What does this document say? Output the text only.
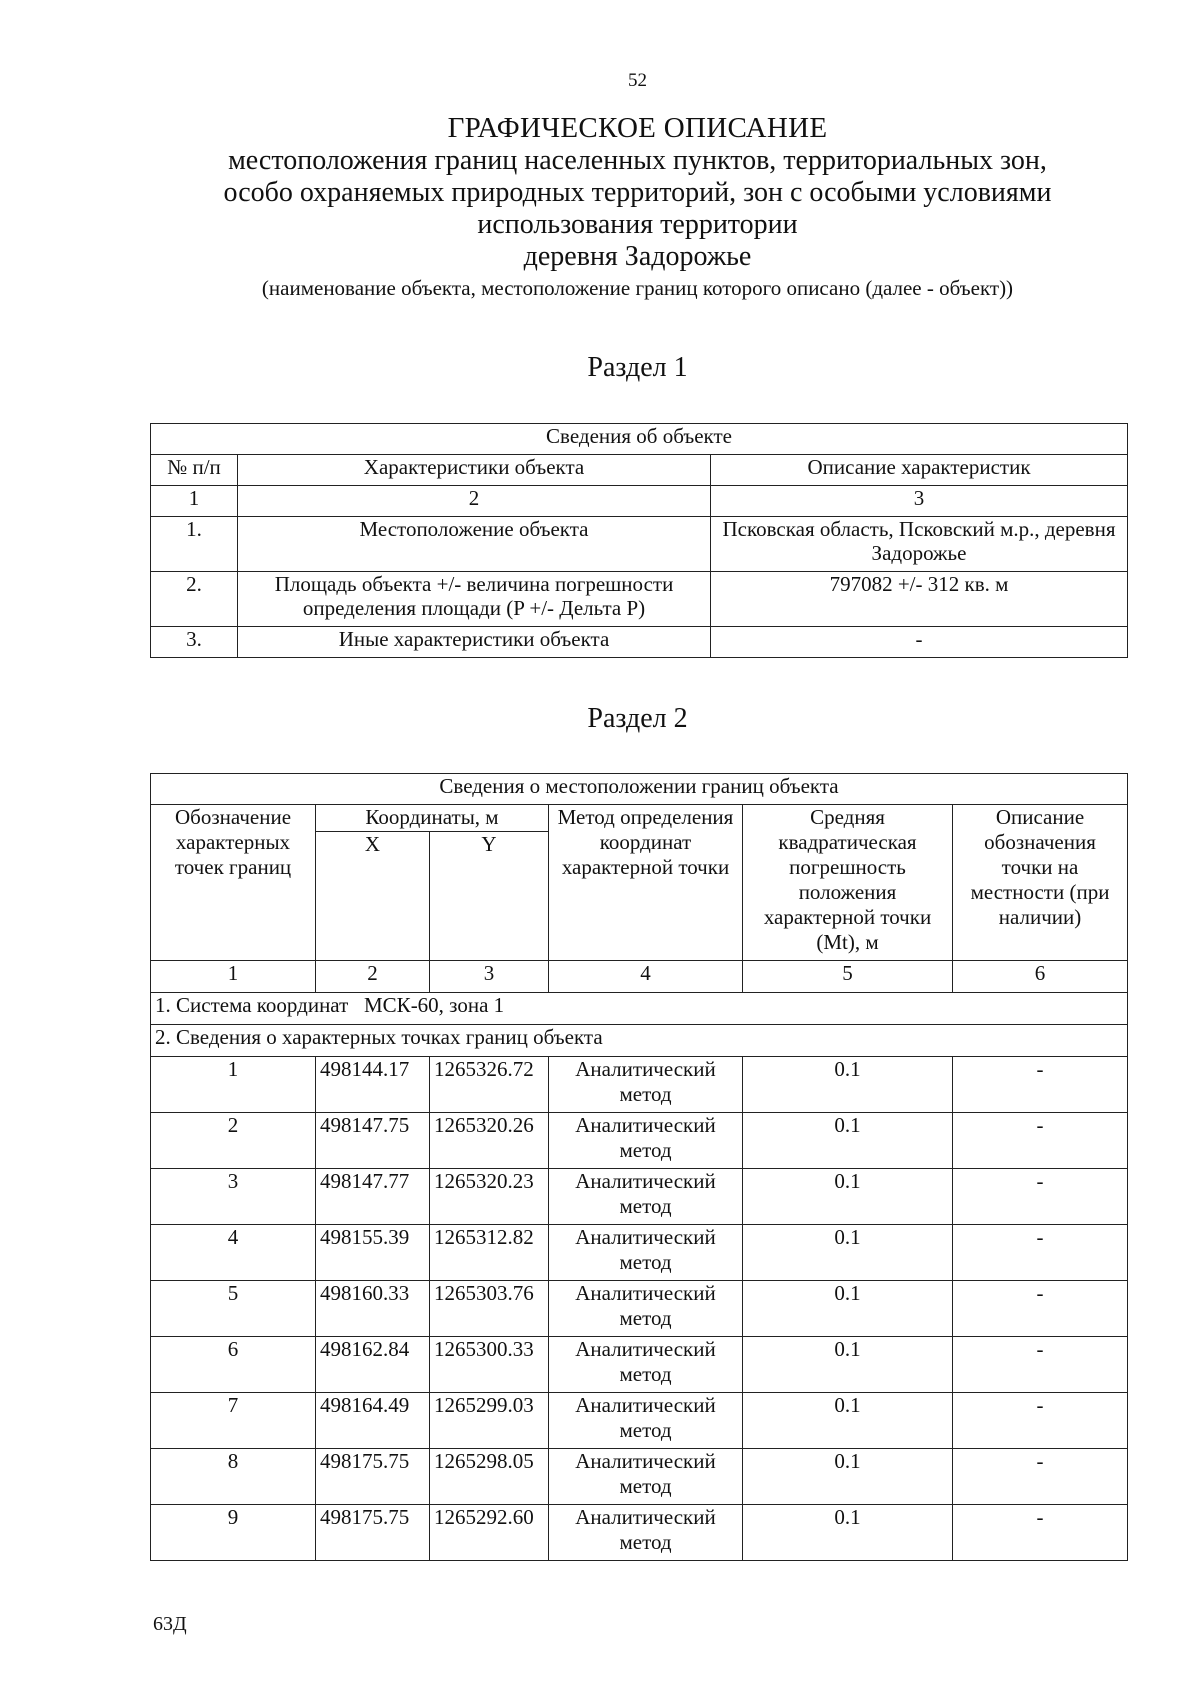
52
ГРАФИЧЕСКОЕ ОПИСАНИЕ
местоположения границ населенных пунктов, территориальных зон,
особо охраняемых природных территорий, зон с особыми условиями
использования территории
деревня Задорожье
(наименование объекта, местоположение границ которого описано (далее - объект))
Раздел 1
Сведения об объекте		
№ п/п	Характеристики объекта	Описание характеристик
1	2	3
1.	Местоположение объекта	Псковская область, Псковский м.р., деревня Задорожье
2.	Площадь объекта +/- величина погрешности определения площади (P +/- Дельта P)	797082 +/- 312 кв. м
3.	Иные характеристики объекта	-
Раздел 2
Сведения о местоположении границ объекта					
Обозначение характерных точек границ	Координаты, м		Метод определения координат характерной точки	Средняя квадратическая погрешность положения характерной точки (Mt), м	Описание обозначения точки на местности (при наличии)
	X	Y			
1	2	3	4	5	6
1. Система координат   МСК-60, зона 1					
2. Сведения о характерных точках границ объекта					
1	498144.17	1265326.72	Аналитический метод	0.1	-
2	498147.75	1265320.26	Аналитический метод	0.1	-
3	498147.77	1265320.23	Аналитический метод	0.1	-
4	498155.39	1265312.82	Аналитический метод	0.1	-
5	498160.33	1265303.76	Аналитический метод	0.1	-
6	498162.84	1265300.33	Аналитический метод	0.1	-
7	498164.49	1265299.03	Аналитический метод	0.1	-
8	498175.75	1265298.05	Аналитический метод	0.1	-
9	498175.75	1265292.60	Аналитический метод	0.1	-
63Д
